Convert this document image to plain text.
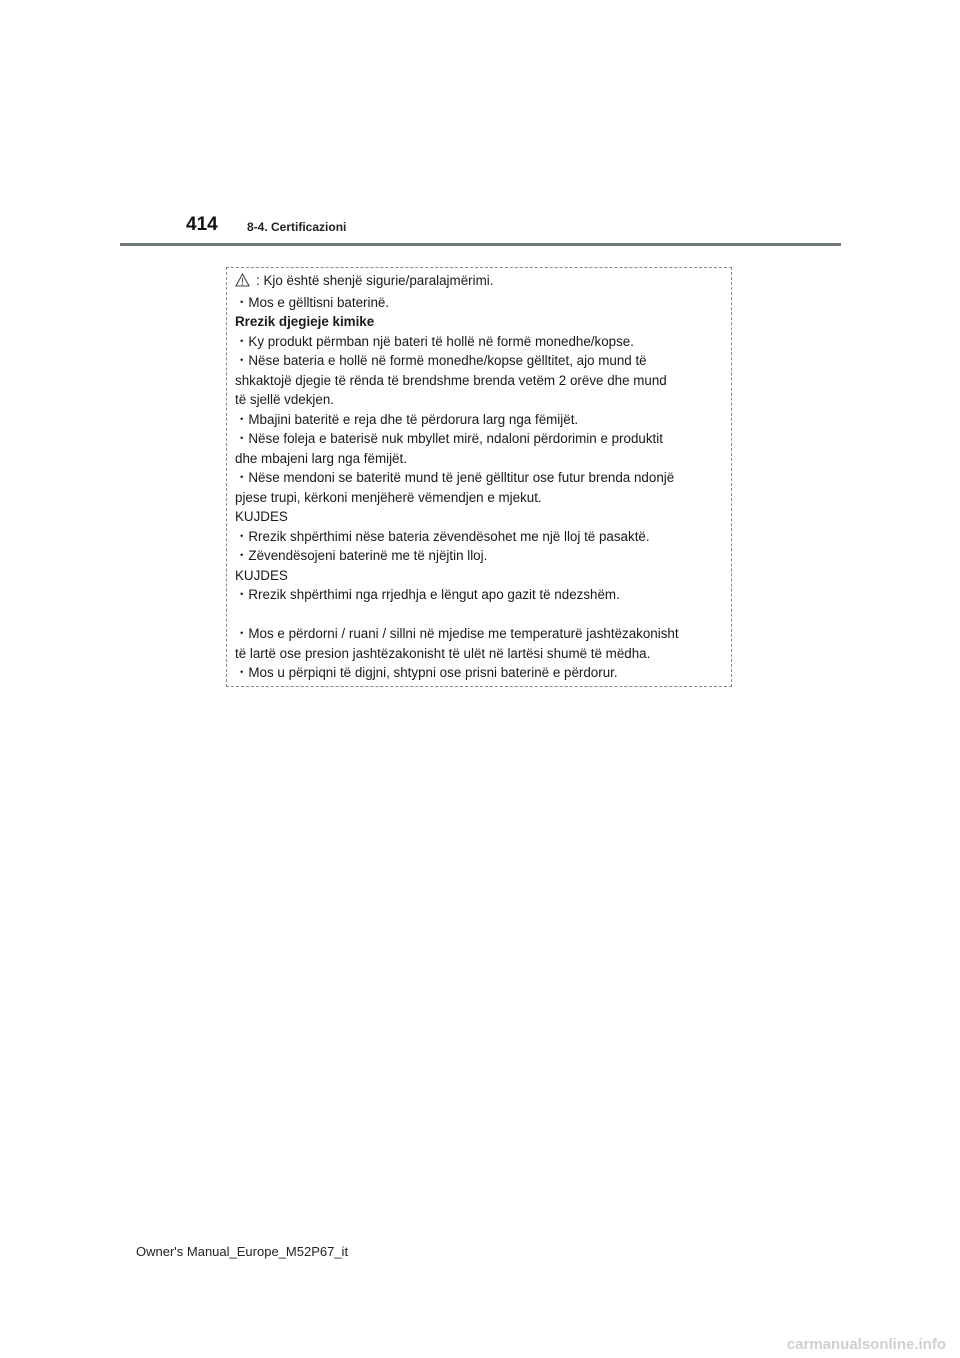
414 8-4. Certificazioni
: Kjo është shenjë sigurie/paralajmërimi.
・Mos e gëlltisni baterinë.
Rrezik djegieje kimike
・Ky produkt përmban një bateri të hollë në formë monedhe/kopse.
・Nëse bateria e hollë në formë monedhe/kopse gëlltitet, ajo mund të
shkaktojë djegie të rënda të brendshme brenda vetëm 2 orëve dhe mund
të sjellë vdekjen.
・Mbajini bateritë e reja dhe të përdorura larg nga fëmijët.
・Nëse foleja e baterisë nuk mbyllet mirë, ndaloni përdorimin e produktit
dhe mbajeni larg nga fëmijët.
・Nëse mendoni se bateritë mund të jenë gëlltitur ose futur brenda ndonjë
pjese trupi, kërkoni menjëherë vëmendjen e mjekut.
KUJDES
・Rrezik shpërthimi nëse bateria zëvendësohet me një lloj të pasaktë.
・Zëvendësojeni baterinë me të njëjtin lloj.
KUJDES
・Rrezik shpërthimi nga rrjedhja e lëngut apo gazit të ndezshëm.
・Mos e përdorni / ruani / sillni në mjedise me temperaturë jashtëzakonisht
të lartë ose presion jashtëzakonisht të ulët në lartësi shumë të mëdha.
・Mos u përpiqni të digjni, shtypni ose prisni baterinë e përdorur.
Owner's Manual_Europe_M52P67_it
carmanualsonline.info
